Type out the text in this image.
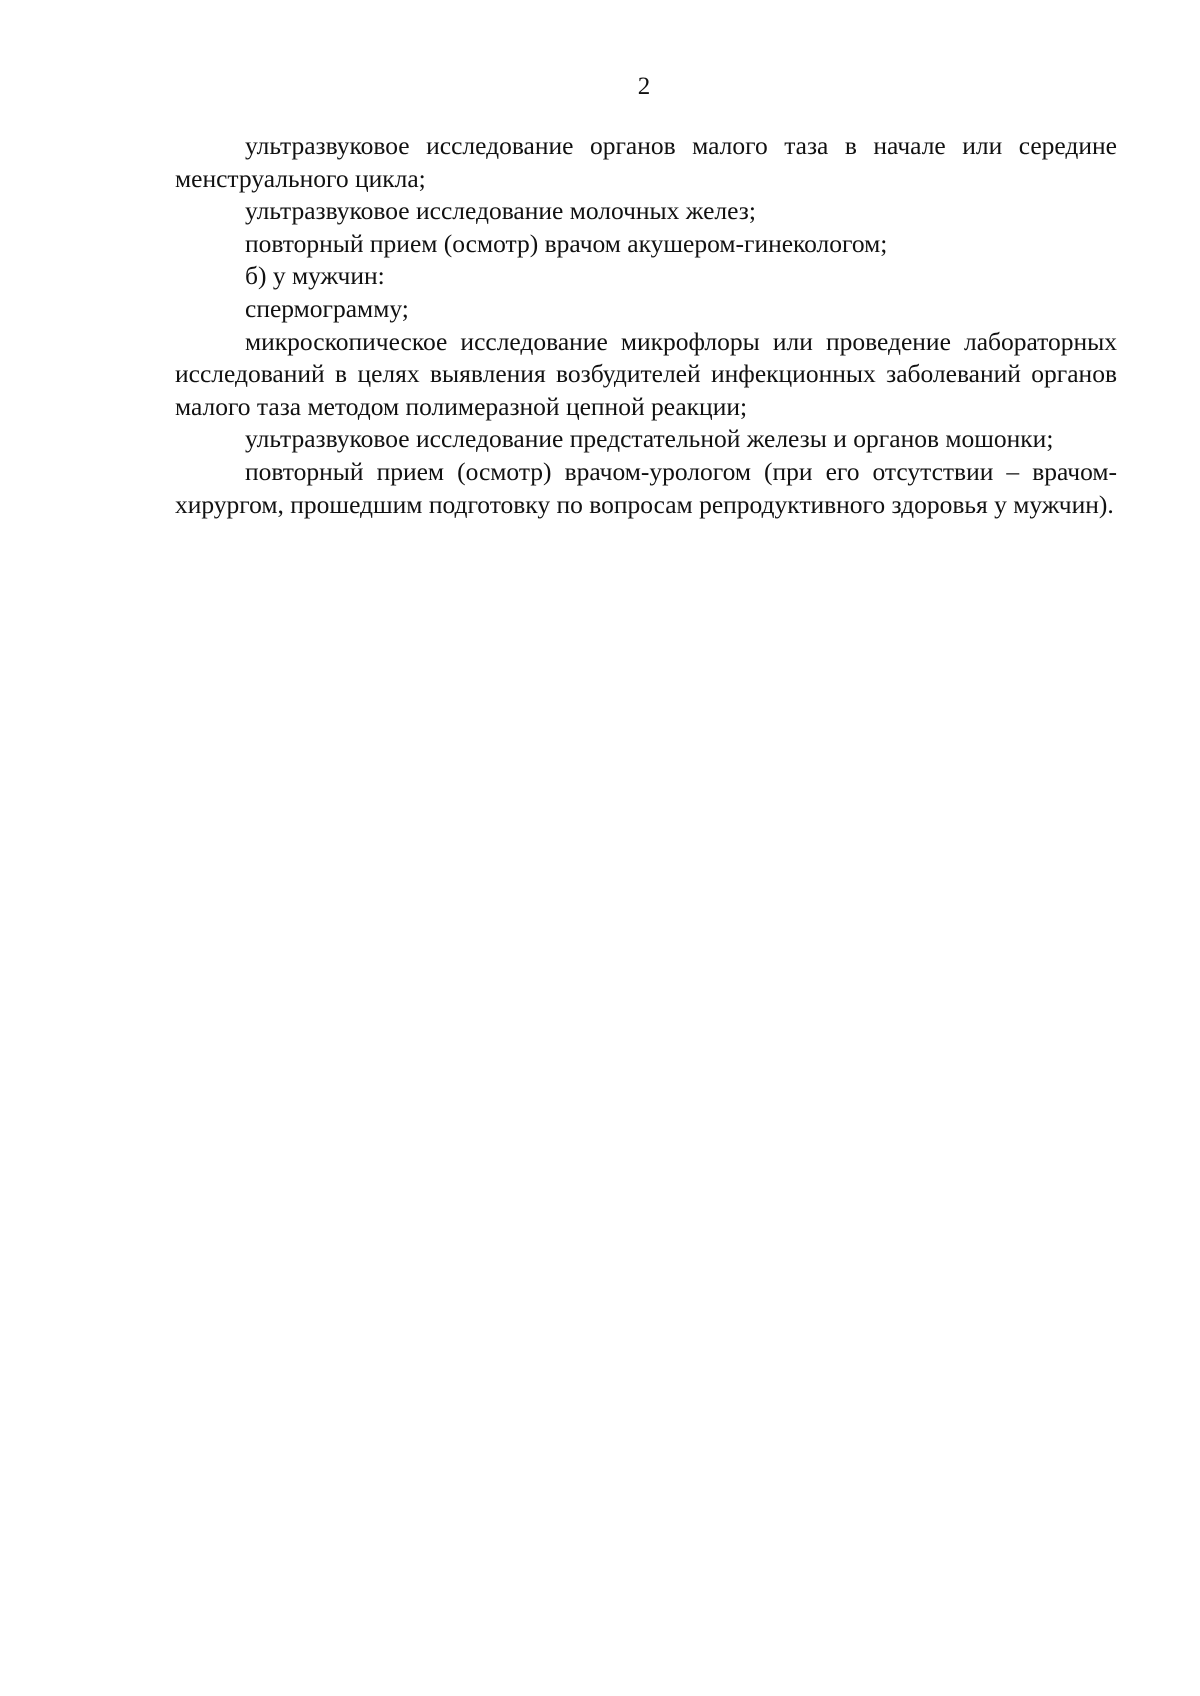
2

ультразвуковое исследование органов малого таза в начале или середине менструального цикла;

ультразвуковое исследование молочных желез;

повторный прием (осмотр) врачом акушером-гинекологом;

б) у мужчин:

спермограмму;

микроскопическое исследование микрофлоры или проведение лабораторных исследований в целях выявления возбудителей инфекционных заболеваний органов малого таза методом полимеразной цепной реакции;

ультразвуковое исследование предстательной железы и органов мошонки;

повторный прием (осмотр) врачом-урологом (при его отсутствии – врачом-хирургом, прошедшим подготовку по вопросам репродуктивного здоровья у мужчин).
